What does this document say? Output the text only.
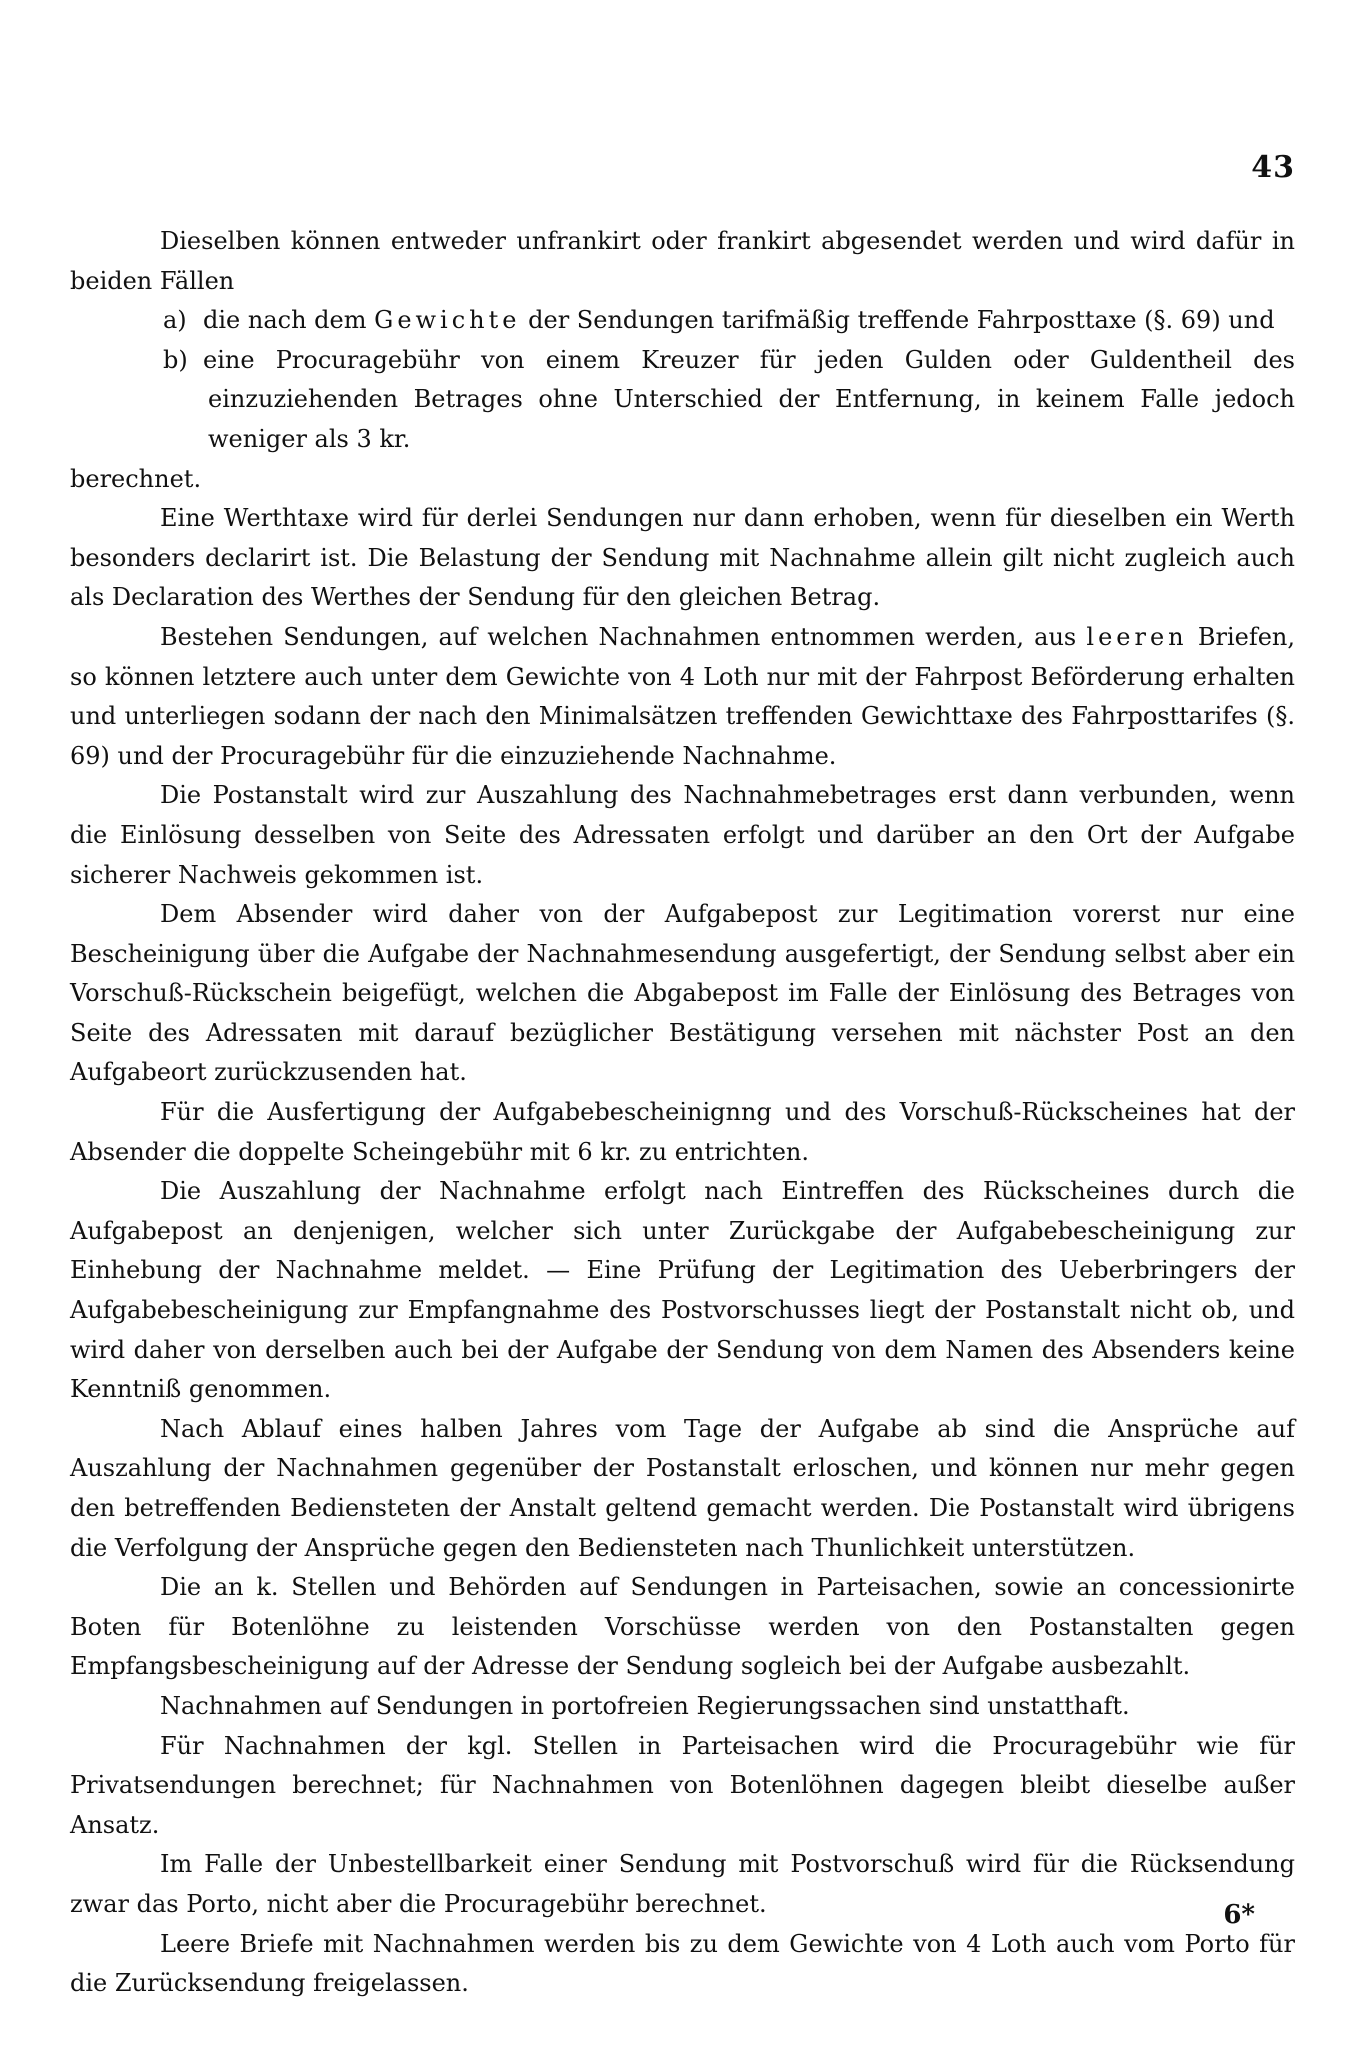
43

Dieselben können entweder unfrankirt oder frankirt abgesendet werden und wird dafür in beiden Fällen

a) die nach dem Gewichte der Sendungen tarifmäßig treffende Fahrposttaxe (§. 69) und

b) eine Procuragebühr von einem Kreuzer für jeden Gulden oder Guldentheil des einzuziehenden Betrages ohne Unterschied der Entfernung, in keinem Falle jedoch weniger als 3 kr.

berechnet.

Eine Werthtaxe wird für derlei Sendungen nur dann erhoben, wenn für dieselben ein Werth besonders declarirt ist. Die Belastung der Sendung mit Nachnahme allein gilt nicht zugleich auch als Declaration des Werthes der Sendung für den gleichen Betrag.

Bestehen Sendungen, auf welchen Nachnahmen entnommen werden, aus leeren Briefen, so können letztere auch unter dem Gewichte von 4 Loth nur mit der Fahrpost Beförderung erhalten und unterliegen sodann der nach den Minimalsätzen treffenden Gewichttaxe des Fahrposttarifes (§. 69) und der Procuragebühr für die einzuziehende Nachnahme.

Die Postanstalt wird zur Auszahlung des Nachnahmebetrages erst dann verbunden, wenn die Einlösung desselben von Seite des Adressaten erfolgt und darüber an den Ort der Aufgabe sicherer Nachweis gekommen ist.

Dem Absender wird daher von der Aufgabepost zur Legitimation vorerst nur eine Bescheinigung über die Aufgabe der Nachnahmesendung ausgefertigt, der Sendung selbst aber ein Vorschuß-Rückschein beigefügt, welchen die Abgabepost im Falle der Einlösung des Betrages von Seite des Adressaten mit darauf bezüglicher Bestätigung versehen mit nächster Post an den Aufgabeort zurückzusenden hat.

Für die Ausfertigung der Aufgabebescheinignng und des Vorschuß-Rückscheines hat der Absender die doppelte Scheingebühr mit 6 kr. zu entrichten.

Die Auszahlung der Nachnahme erfolgt nach Eintreffen des Rückscheines durch die Aufgabepost an denjenigen, welcher sich unter Zurückgabe der Aufgabebescheinigung zur Einhebung der Nachnahme meldet. — Eine Prüfung der Legitimation des Ueberbringers der Aufgabebescheinigung zur Empfangnahme des Postvorschusses liegt der Postanstalt nicht ob, und wird daher von derselben auch bei der Aufgabe der Sendung von dem Namen des Absenders keine Kenntniß genommen.

Nach Ablauf eines halben Jahres vom Tage der Aufgabe ab sind die Ansprüche auf Auszahlung der Nachnahmen gegenüber der Postanstalt erloschen, und können nur mehr gegen den betreffenden Bediensteten der Anstalt geltend gemacht werden. Die Postanstalt wird übrigens die Verfolgung der Ansprüche gegen den Bediensteten nach Thunlichkeit unterstützen.

Die an k. Stellen und Behörden auf Sendungen in Parteisachen, sowie an concessionirte Boten für Botenlöhne zu leistenden Vorschüsse werden von den Postanstalten gegen Empfangsbescheinigung auf der Adresse der Sendung sogleich bei der Aufgabe ausbezahlt.

Nachnahmen auf Sendungen in portofreien Regierungssachen sind unstatthaft.

Für Nachnahmen der kgl. Stellen in Parteisachen wird die Procuragebühr wie für Privatsendungen berechnet; für Nachnahmen von Botenlöhnen dagegen bleibt dieselbe außer Ansatz.

Im Falle der Unbestellbarkeit einer Sendung mit Postvorschuß wird für die Rücksendung zwar das Porto, nicht aber die Procuragebühr berechnet.

Leere Briefe mit Nachnahmen werden bis zu dem Gewichte von 4 Loth auch vom Porto für die Zurücksendung freigelassen.

6*
